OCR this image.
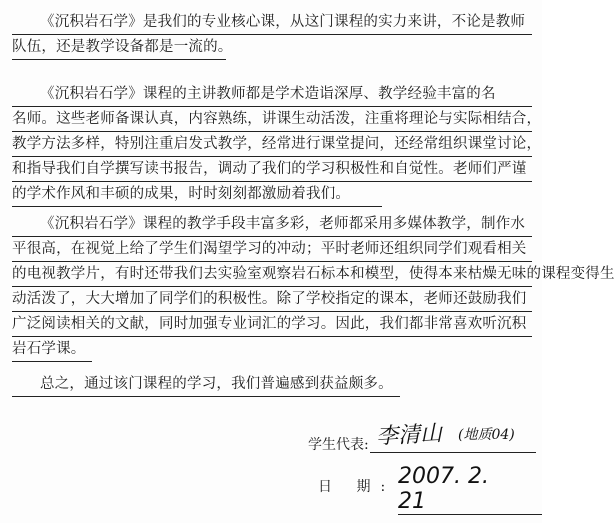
《沉积岩石学》是我们的专业核心课，从这门课程的实力来讲，不论是教师
队伍，还是教学设备都是一流的。
《沉积岩石学》课程的主讲教师都是学术造诣深厚、教学经验丰富的名
名师。这些老师备课认真，内容熟练，讲课生动活泼，注重将理论与实际相结合，
教学方法多样，特别注重启发式教学，经常进行课堂提问，还经常组织课堂讨论，
和指导我们自学撰写读书报告，调动了我们的学习积极性和自觉性。老师们严谨
的学术作风和丰硕的成果，时时刻刻都激励着我们。
《沉积岩石学》课程的教学手段丰富多彩，老师都采用多媒体教学，制作水
平很高，在视觉上给了学生们渴望学习的冲动；平时老师还组织同学们观看相关
的电视教学片，有时还带我们去实验室观察岩石标本和模型，使得本来枯燥无味的课程变得生
动活泼了，大大增加了同学们的积极性。除了学校指定的课本，老师还鼓励我们
广泛阅读相关的文献，同时加强专业词汇的学习。因此，我们都非常喜欢听沉积
岩石学课。
总之，通过该门课程的学习，我们普遍感到获益颇多。
学生代表: 李清山 (地质04)
日 期: 2007. 2. 21
